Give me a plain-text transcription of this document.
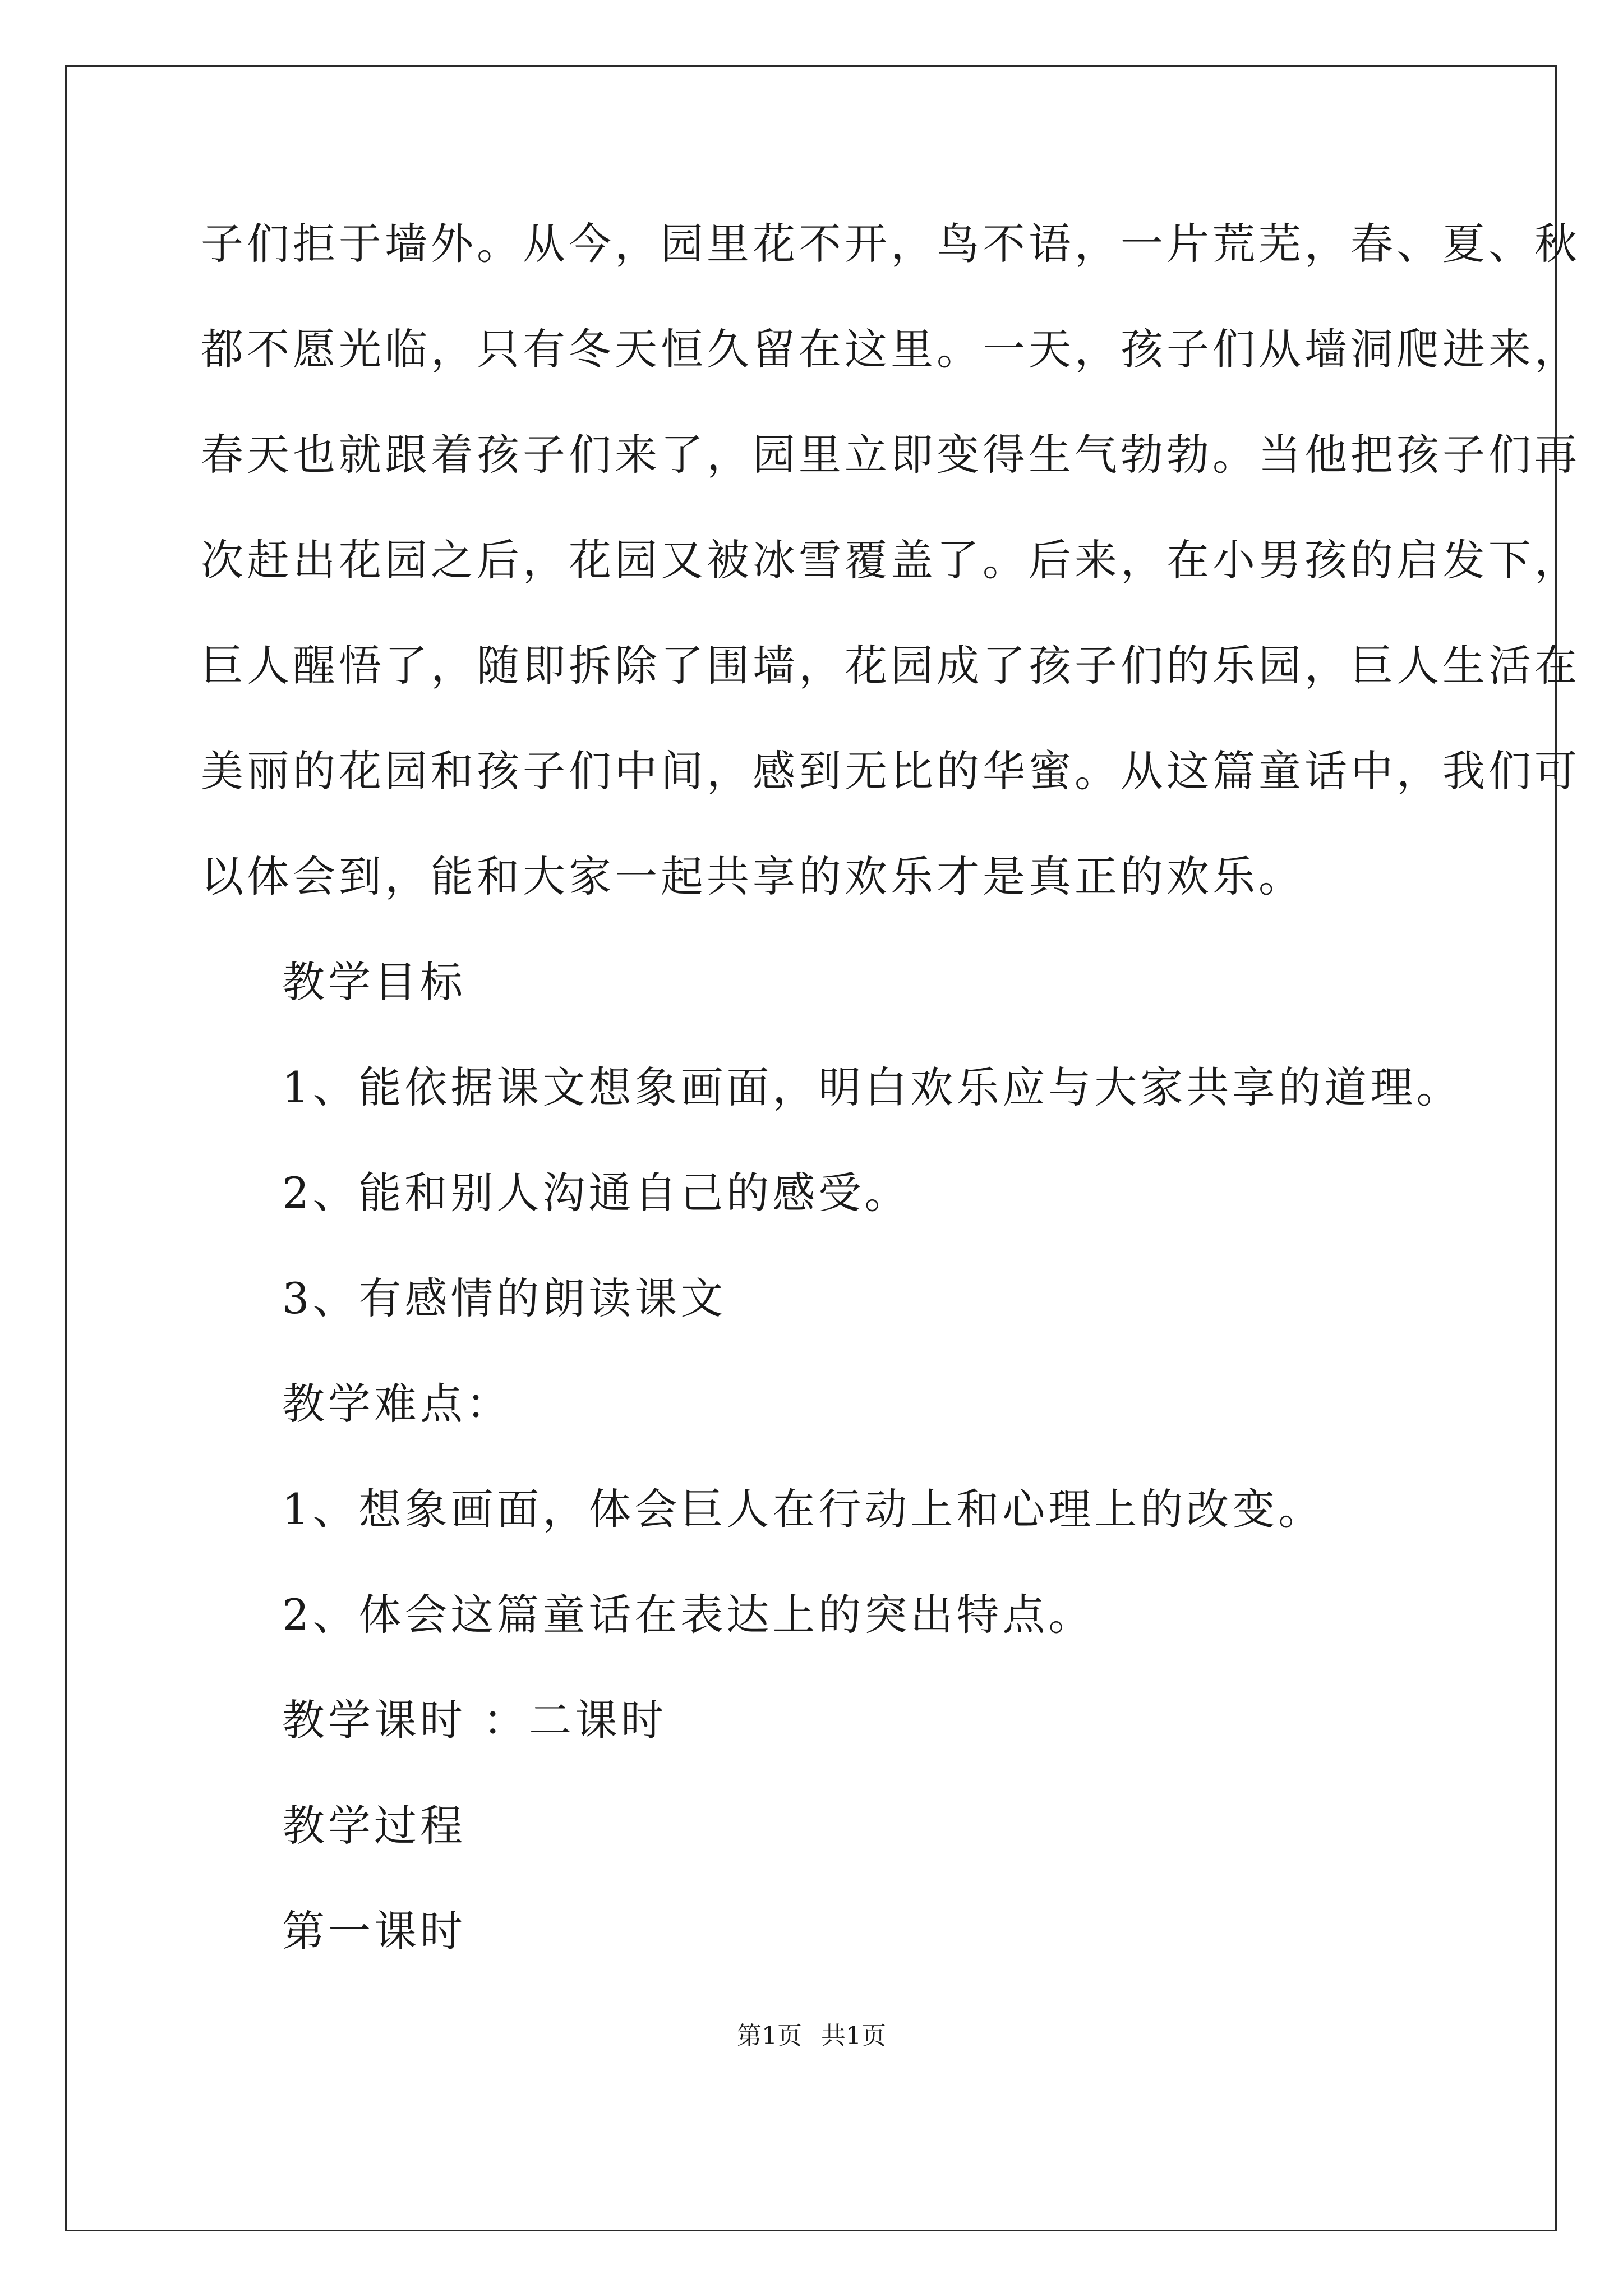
子们拒于墙外。从今，园里花不开，鸟不语，一片荒芜，春、夏、秋
都不愿光临，只有冬天恒久留在这里。一天，孩子们从墙洞爬进来，
春天也就跟着孩子们来了，园里立即变得生气勃勃。当他把孩子们再
次赶出花园之后，花园又被冰雪覆盖了。后来，在小男孩的启发下，
巨人醒悟了，随即拆除了围墙，花园成了孩子们的乐园，巨人生活在
美丽的花园和孩子们中间，感到无比的华蜜。从这篇童话中，我们可
以体会到，能和大家一起共享的欢乐才是真正的欢乐。
教学目标
1、能依据课文想象画面，明白欢乐应与大家共享的道理。
2、能和别人沟通自己的感受。
3、有感情的朗读课文
教学难点：
1、想象画面，体会巨人在行动上和心理上的改变。
2、体会这篇童话在表达上的突出特点。
教学课时 ：二课时
教学过程
第一课时
第1页 共1页
